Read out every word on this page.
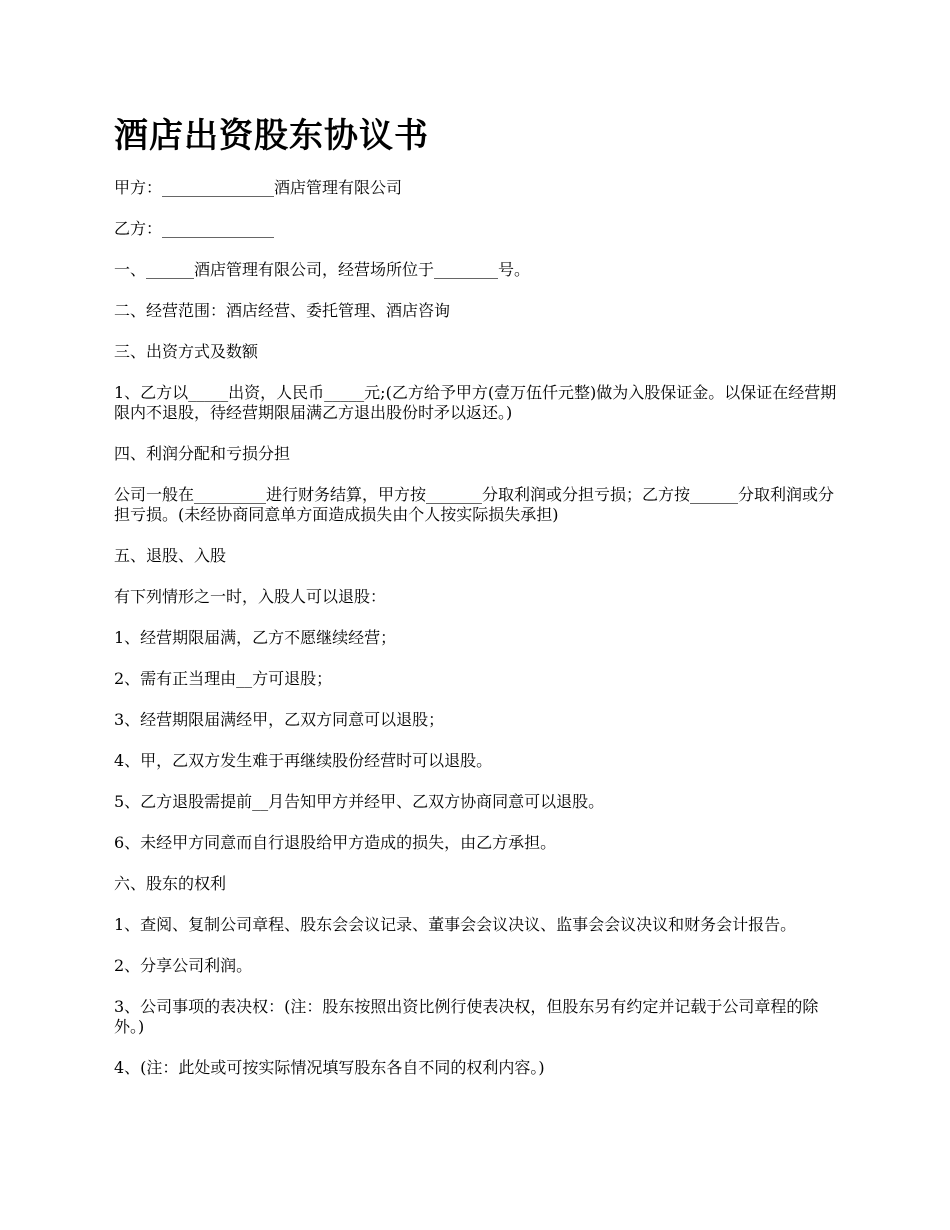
酒店出资股东协议书

甲方：______________酒店管理有限公司

乙方：______________

一、______酒店管理有限公司，经营场所位于________号。

二、经营范围：酒店经营、委托管理、酒店咨询

三、出资方式及数额

1、乙方以_____出资，人民币_____元;(乙方给予甲方(壹万伍仟元整)做为入股保证金。以保证在经营期限内不退股，待经营期限届满乙方退出股份时矛以返还。)

四、利润分配和亏损分担

公司一般在_________进行财务结算，甲方按_______分取利润或分担亏损；乙方按______分取利润或分担亏损。(未经协商同意单方面造成损失由个人按实际损失承担)

五、退股、入股

有下列情形之一时，入股人可以退股：

1、经营期限届满，乙方不愿继续经营；

2、需有正当理由__方可退股；

3、经营期限届满经甲，乙双方同意可以退股；

4、甲，乙双方发生难于再继续股份经营时可以退股。

5、乙方退股需提前__月告知甲方并经甲、乙双方协商同意可以退股。

6、未经甲方同意而自行退股给甲方造成的损失，由乙方承担。

六、股东的权利

1、查阅、复制公司章程、股东会会议记录、董事会会议决议、监事会会议决议和财务会计报告。

2、分享公司利润。

3、公司事项的表决权：(注：股东按照出资比例行使表决权，但股东另有约定并记载于公司章程的除外。)

4、(注：此处或可按实际情况填写股东各自不同的权利内容。)
